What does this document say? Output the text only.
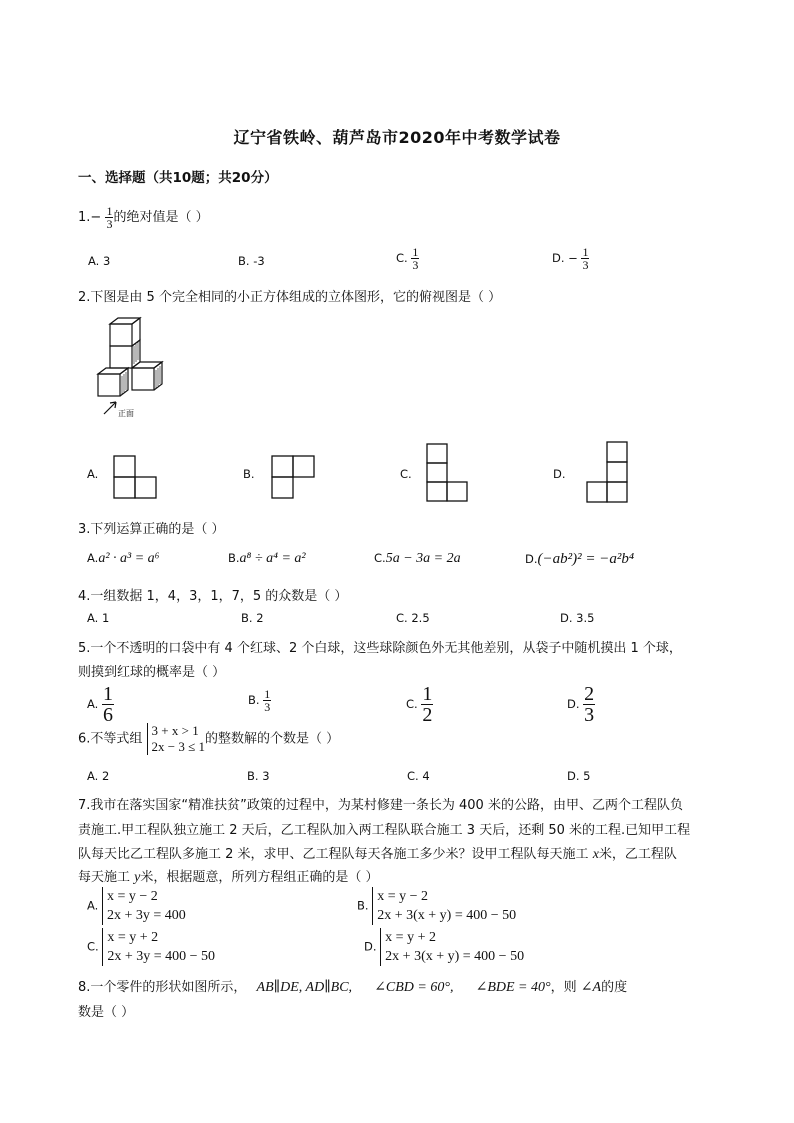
辽宁省铁岭、葫芦岛市2020年中考数学试卷
一、选择题（共10题；共20分）
$1.- \frac{1}{3}$ 的绝对值是（ ）
A. 3	B. -3	C. $\frac{1}{3}$	D. − $\frac{1}{3}$
2.下图是由 5 个完全相同的小正方体组成的立体图形，它的俯视图是（ ）
正面
A.	B.	C.	D.
3.下列运算正确的是（ ）
A.a² · a³ = a⁶	B.a⁸ ÷ a⁴ = a²	C.5a − 3a = 2a	D.(−ab²)² = −a²b⁴
4.一组数据 1，4，3，1，7，5 的众数是（ ）
A. 1	B. 2	C. 2.5	D. 3.5
5.一个不透明的口袋中有 4 个红球、2 个白球，这些球除颜色外无其他差别，从袋子中随机摸出 1 个球，
则摸到红球的概率是（ ）
A. $\frac{1}{6}$	B. $\frac{1}{3}$	C. $\frac{1}{2}$	D. $\frac{2}{3}$
6.不等式组
3 + x > 1
2x − 3 ≤ 1 的整数解的个数是（ ）
A. 2	B. 3	C. 4	D. 5
7.我市在落实国家“精准扶贫”政策的过程中，为某村修建一条长为 400 米的公路，由甲、乙两个工程队负
责施工.甲工程队独立施工 2 天后，乙工程队加入两工程队联合施工 3 天后，还剩 50 米的工程.已知甲工程
队每天比乙工程队多施工 2 米，求甲、乙工程队每天各施工多少米？设甲工程队每天施工 x米，乙工程队
每天施工 y米，根据题意，所列方程组正确的是（ ）
A.
x = y − 2
2x + 3y = 400
B.
x = y − 2
2x + 3(x + y) = 400 − 50
C.
x = y + 2
2x + 3y = 400 − 50
D.
x = y + 2
2x + 3(x + y) = 400 − 50
8.一个零件的形状如图所示， AB∥DE, AD∥BC, ∠CBD = 60°, ∠BDE = 40°，则 ∠A的度
数是（ ）
